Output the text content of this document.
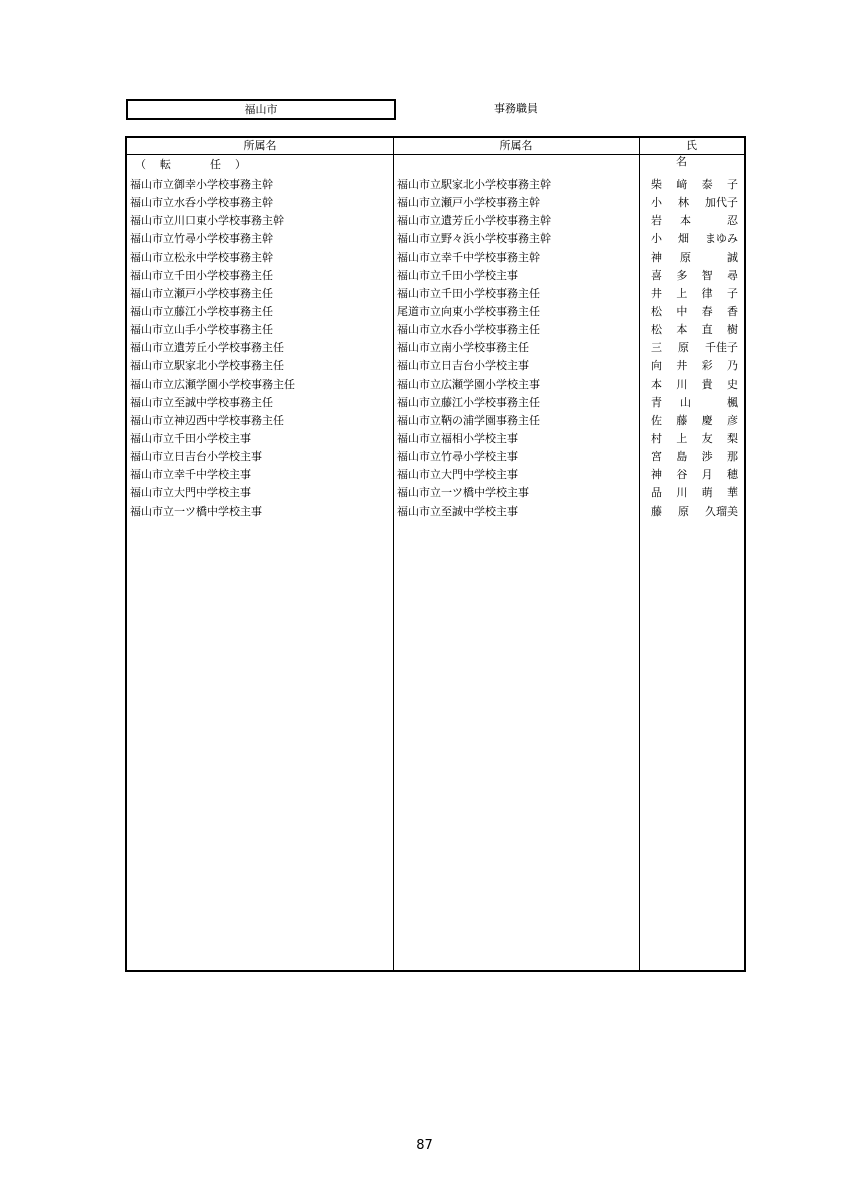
福山市	事務職員
所属名	所属名	氏　名
（転　任）
福山市立御幸小学校事務主幹	福山市立駅家北小学校事務主幹	柴 﨑 泰 子
福山市立水呑小学校事務主幹	福山市立瀬戸小学校事務主幹	小 林 加代子
福山市立川口東小学校事務主幹	福山市立遺芳丘小学校事務主幹	岩 本	忍
福山市立竹尋小学校事務主幹	福山市立野々浜小学校事務主幹	小 畑 まゆみ
福山市立松永中学校事務主幹	福山市立幸千中学校事務主幹	神 原	誠
福山市立千田小学校事務主任	福山市立千田小学校主事	喜 多 智 尋
福山市立瀬戸小学校事務主任	福山市立千田小学校事務主任	井 上 律 子
福山市立藤江小学校事務主任	尾道市立向東小学校事務主任	松 中 春 香
福山市立山手小学校事務主任	福山市立水呑小学校事務主任	松 本 直 樹
福山市立遺芳丘小学校事務主任	福山市立南小学校事務主任	三 原 千佳子
福山市立駅家北小学校事務主任	福山市立日吉台小学校主事	向 井 彩 乃
福山市立広瀬学園小学校事務主任	福山市立広瀬学園小学校主事	本 川 貴 史
福山市立至誠中学校事務主任	福山市立藤江小学校事務主任	青 山	楓
福山市立神辺西中学校事務主任	福山市立鞆の浦学園事務主任	佐 藤 慶 彦
福山市立千田小学校主事	福山市立福相小学校主事	村 上 友 梨
福山市立日吉台小学校主事	福山市立竹尋小学校主事	宮 島 渉 那
福山市立幸千中学校主事	福山市立大門中学校主事	神 谷 月 穂
福山市立大門中学校主事	福山市立一ツ橋中学校主事	品 川 萌 華
福山市立一ツ橋中学校主事	福山市立至誠中学校主事	藤 原 久瑠美
87
